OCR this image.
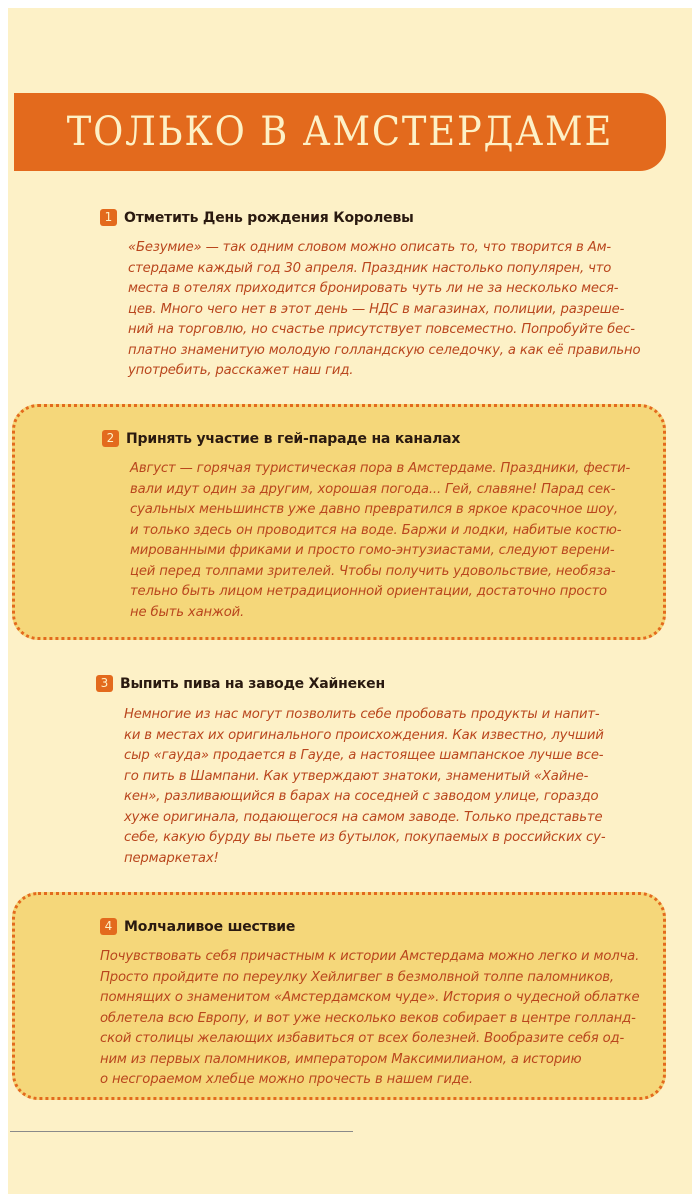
ТОЛЬКО В АМСТЕРДАМЕ
1 Отметить День рождения Королевы

«Безумие» — так одним словом можно описать то, что творится в Ам-
стердаме каждый год 30 апреля. Праздник настолько популярен, что
места в отелях приходится бронировать чуть ли не за несколько меся-
цев. Много чего нет в этот день — НДС в магазинах, полиции, разреше-
ний на торговлю, но счастье присутствует повсеместно. Попробуйте бес-
платно знаменитую молодую голландскую селедочку, а как её правильно
употребить, расскажет наш гид.

2 Принять участие в гей-параде на каналах

Август — горячая туристическая пора в Амстердаме. Праздники, фести-
вали идут один за другим, хорошая погода... Гей, славяне! Парад сек-
суальных меньшинств уже давно превратился в яркое красочное шоу,
и только здесь он проводится на воде. Баржи и лодки, набитые костю-
мированными фриками и просто гомо-энтузиастами, следуют верени-
цей перед толпами зрителей. Чтобы получить удовольствие, необяза-
тельно быть лицом нетрадиционной ориентации, достаточно просто
не быть ханжой.

3 Выпить пива на заводе Хайнекен

Немногие из нас могут позволить себе пробовать продукты и напит-
ки в местах их оригинального происхождения. Как известно, лучший
сыр «гауда» продается в Гауде, а настоящее шампанское лучше все-
го пить в Шампани. Как утверждают знатоки, знаменитый «Хайне-
кен», разливающийся в барах на соседней с заводом улице, гораздо
хуже оригинала, подающегося на самом заводе. Только представьте
себе, какую бурду вы пьете из бутылок, покупаемых в российских су-
пермаркетах!

4 Молчаливое шествие

Почувствовать себя причастным к истории Амстердама можно легко и молча.
Просто пройдите по переулку Хейлигвег в безмолвной толпе паломников,
помнящих о знаменитом «Амстердамском чуде». История о чудесной облатке
облетела всю Европу, и вот уже несколько веков собирает в центре голланд-
ской столицы желающих избавиться от всех болезней. Вообразите себя од-
ним из первых паломников, императором Максимилианом, а историю
о несгораемом хлебце можно прочесть в нашем гиде.
